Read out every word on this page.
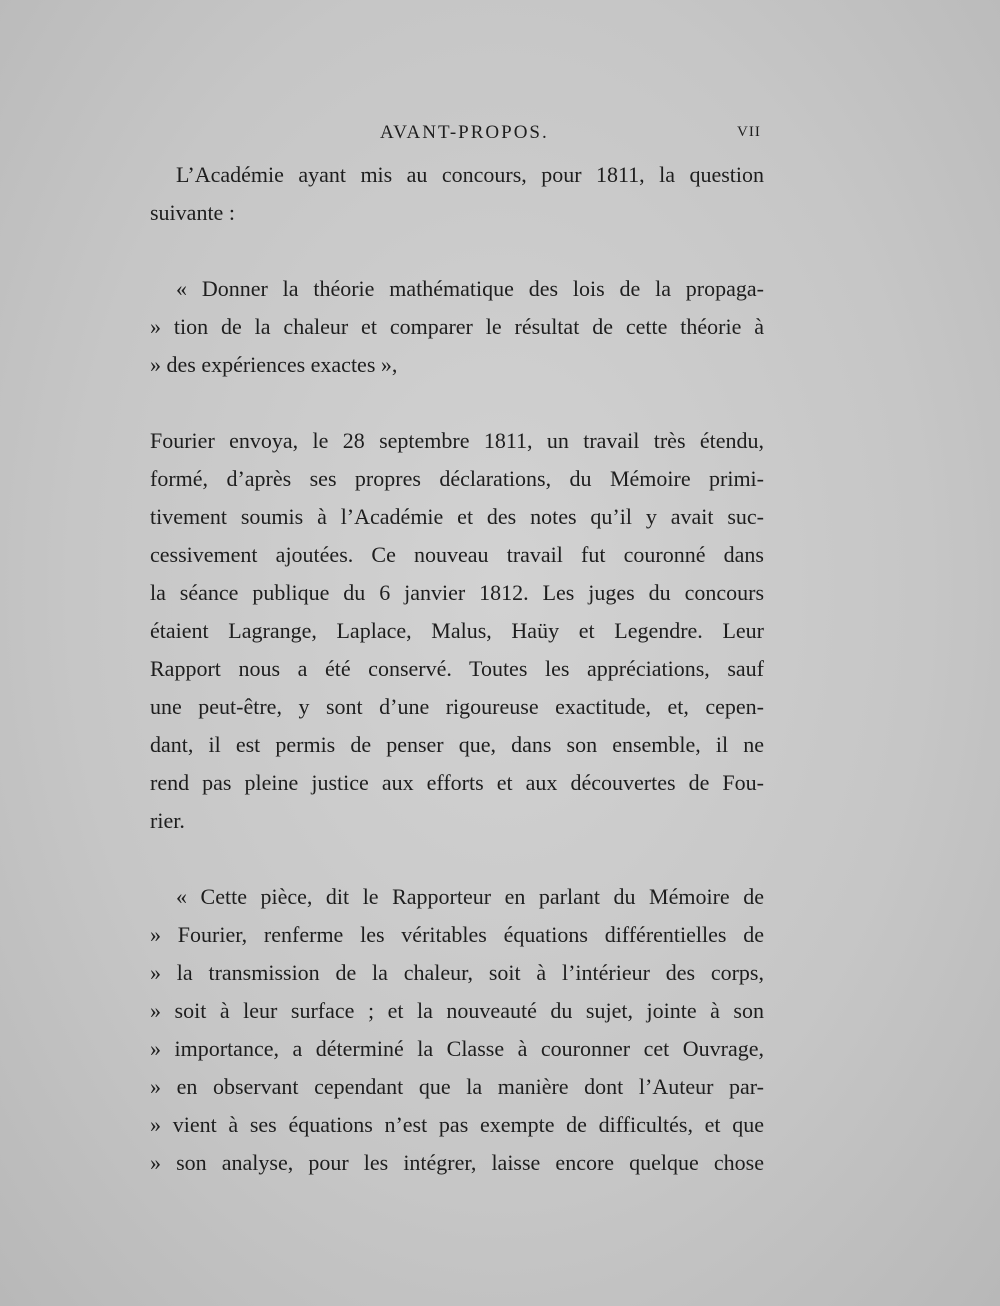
AVANT-PROPOS.	VII
L’Académie ayant mis au concours, pour 1811, la question
suivante :
« Donner la théorie mathématique des lois de la propaga-
» tion de la chaleur et comparer le résultat de cette théorie à
» des expériences exactes »,
Fourier envoya, le 28 septembre 1811, un travail très étendu,
formé, d’après ses propres déclarations, du Mémoire primi-
tivement soumis à l’Académie et des notes qu’il y avait suc-
cessivement ajoutées. Ce nouveau travail fut couronné dans
la séance publique du 6 janvier 1812. Les juges du concours
étaient Lagrange, Laplace, Malus, Haüy et Legendre. Leur
Rapport nous a été conservé. Toutes les appréciations, sauf
une peut-être, y sont d’une rigoureuse exactitude, et, cepen-
dant, il est permis de penser que, dans son ensemble, il ne
rend pas pleine justice aux efforts et aux découvertes de Fou-
rier.
« Cette pièce, dit le Rapporteur en parlant du Mémoire de
» Fourier, renferme les véritables équations différentielles de
» la transmission de la chaleur, soit à l’intérieur des corps,
» soit à leur surface ; et la nouveauté du sujet, jointe à son
» importance, a déterminé la Classe à couronner cet Ouvrage,
» en observant cependant que la manière dont l’Auteur par-
» vient à ses équations n’est pas exempte de difficultés, et que
» son analyse, pour les intégrer, laisse encore quelque chose
